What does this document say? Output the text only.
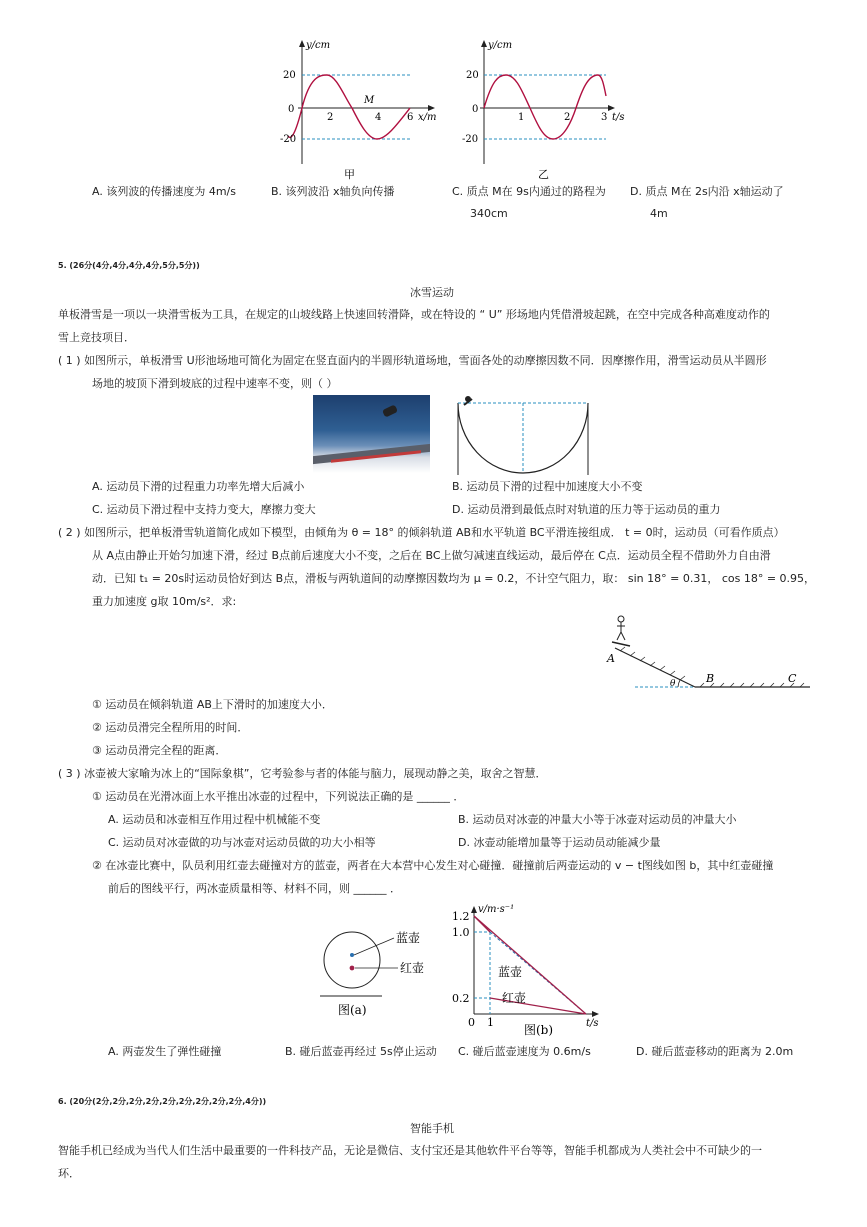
y/cm
20
0
-20
2	4	6
M
x/m
甲
y/cm
20
0
-20
1	2	3 t/s
乙
A. 该列波的传播速度为 4m/s	B. 该列波沿 x轴负向传播	C. 质点 M在 9s内通过的路程为
340cm
D. 质点 M在 2s内沿 x轴运动了
4m
5. (26分(4分,4分,4分,4分,5分,5分))
冰雪运动
单板滑雪是一项以一块滑雪板为工具，在规定的山坡线路上快速回转滑降，或在特设的 “ U” 形场地内凭借滑坡起跳，在空中完成各种高难度动作的
雪上竞技项目．
( 1 ) 如图所示，单板滑雪 U形池场地可简化为固定在竖直面内的半圆形轨道场地，雪面各处的动摩擦因数不同．因摩擦作用，滑雪运动员从半圆形
场地的坡顶下滑到坡底的过程中速率不变，则（ ）
A. 运动员下滑的过程重力功率先增大后减小	B. 运动员下滑的过程中加速度大小不变
C. 运动员下滑过程中支持力变大，摩擦力变大	D. 运动员滑到最低点时对轨道的压力等于运动员的重力
( 2 ) 如图所示，把单板滑雪轨道简化成如下模型，由倾角为 θ = 18° 的倾斜轨道 AB和水平轨道 BC平滑连接组成． t = 0时，运动员（可看作质点）
从 A点由静止开始匀加速下滑，经过 B点前后速度大小不变，之后在 BC上做匀减速直线运动，最后停在 C点．运动员全程不借助外力自由滑
动．已知 t₁ = 20s时运动员恰好到达 B点，滑板与两轨道间的动摩擦因数均为 μ = 0.2，不计空气阻力，取： sin 18° = 0.31， cos 18° = 0.95，
重力加速度 g取 10m/s²．求:
A
θ	B	C
① 运动员在倾斜轨道 AB上下滑时的加速度大小．
② 运动员滑完全程所用的时间．
③ 运动员滑完全程的距离．
( 3 ) 冰壶被大家喻为冰上的“国际象棋”，它考验参与者的体能与脑力，展现动静之美，取舍之智慧．
① 运动员在光滑冰面上水平推出冰壶的过程中，下列说法正确的是 ______ ．
A. 运动员和冰壶相互作用过程中机械能不变	B. 运动员对冰壶的冲量大小等于冰壶对运动员的冲量大小
C. 运动员对冰壶做的功与冰壶对运动员做的功大小相等	D. 冰壶动能增加量等于运动员动能减少量
② 在冰壶比赛中，队员利用红壶去碰撞对方的蓝壶，两者在大本营中心发生对心碰撞．碰撞前后两壶运动的 v − t图线如图 b，其中红壶碰撞
前后的图线平行，两冰壶质量相等、材料不同，则 ______ ．
蓝壶
红壶
图(a)
v/m·s⁻¹
1.2
1.0
0.2
0 1	t/s
蓝壶
红壶
图(b)
A. 两壶发生了弹性碰撞	B. 碰后蓝壶再经过 5s停止运动 C. 碰后蓝壶速度为 0.6m/s	D. 碰后蓝壶移动的距离为 2.0m
6. (20分(2分,2分,2分,2分,2分,2分,2分,2分,2分,4分))
智能手机
智能手机已经成为当代人们生活中最重要的一件科技产品，无论是微信、支付宝还是其他软件平台等等，智能手机都成为人类社会中不可缺少的一
环．
